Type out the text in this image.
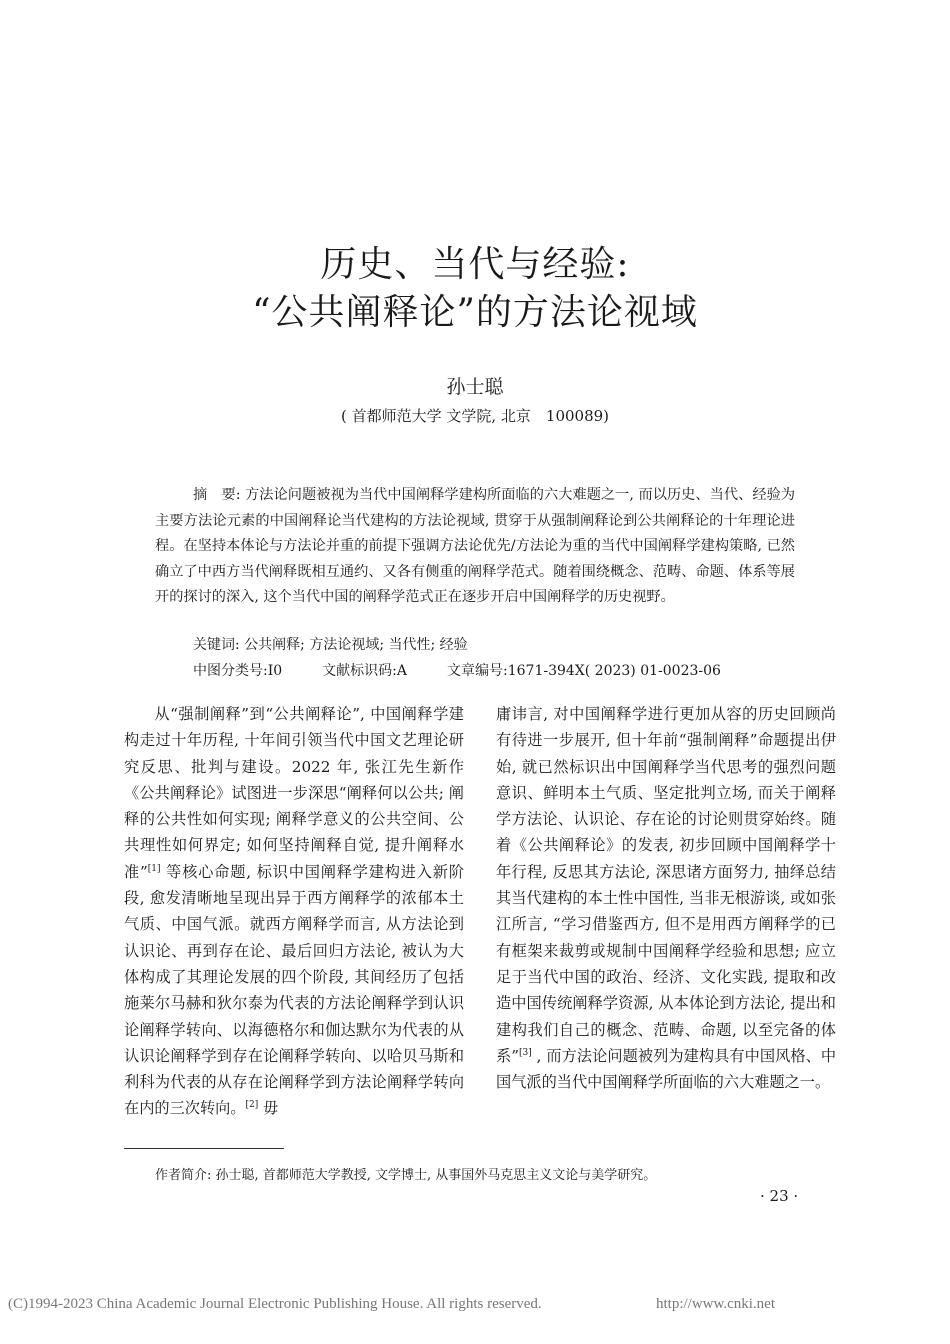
历史、当代与经验:
“公共阐释论”的方法论视域
孙士聪
( 首都师范大学 文学院, 北京　100089)

摘　要: 方法论问题被视为当代中国阐释学建构所面临的六大难题之一, 而以历史、当代、经验为主要方法论元素的中国阐释论当代建构的方法论视域, 贯穿于从强制阐释论到公共阐释论的十年理论进程。在坚持本体论与方法论并重的前提下强调方法论优先/方法论为重的当代中国阐释学建构策略, 已然确立了中西方当代阐释既相互通约、又各有侧重的阐释学范式。随着围绕概念、范畴、命题、体系等展开的探讨的深入, 这个当代中国的阐释学范式正在逐步开启中国阐释学的历史视野。

关键词: 公共阐释; 方法论视域; 当代性; 经验
中图分类号:I0	文献标识码:A	文章编号:1671-394X( 2023) 01-0023-06

从“强制阐释”到“公共阐释论”, 中国阐释学建构走过十年历程, 十年间引领当代中国文艺理论研究反思、批判与建设。2022 年, 张江先生新作《公共阐释论》试图进一步深思“阐释何以公共; 阐释的公共性如何实现; 阐释学意义的公共空间、公共理性如何界定; 如何坚持阐释自觉, 提升阐释水准”[1] 等核心命题, 标识中国阐释学建构进入新阶段, 愈发清晰地呈现出异于西方阐释学的浓郁本土气质、中国气派。就西方阐释学而言, 从方法论到认识论、再到存在论、最后回归方法论, 被认为大体构成了其理论发展的四个阶段, 其间经历了包括施莱尔马赫和狄尔泰为代表的方法论阐释学到认识论阐释学转向、以海德格尔和伽达默尔为代表的从认识论阐释学到存在论阐释学转向、以哈贝马斯和利科为代表的从存在论阐释学到方法论阐释学转向在内的三次转向。[2] 毋

庸讳言, 对中国阐释学进行更加从容的历史回顾尚有待进一步展开, 但十年前“强制阐释”命题提出伊始, 就已然标识出中国阐释学当代思考的强烈问题意识、鲜明本土气质、坚定批判立场, 而关于阐释学方法论、认识论、存在论的讨论则贯穿始终。随着《公共阐释论》的发表, 初步回顾中国阐释学十年行程, 反思其方法论, 深思诸方面努力, 抽绎总结其当代建构的本土性中国性, 当非无根游谈, 或如张江所言, “学习借鉴西方, 但不是用西方阐释学的已有框架来裁剪或规制中国阐释学经验和思想; 应立足于当代中国的政治、经济、文化实践, 提取和改造中国传统阐释学资源, 从本体论到方法论, 提出和建构我们自己的概念、范畴、命题, 以至完备的体系”[3] , 而方法论问题被列为建构具有中国风格、中国气派的当代中国阐释学所面临的六大难题之一。

作者简介: 孙士聪, 首都师范大学教授, 文学博士, 从事国外马克思主义文论与美学研究。
· 23 ·
(C)1994-2023 China Academic Journal Electronic Publishing House. All rights reserved.	http://www.cnki.net
